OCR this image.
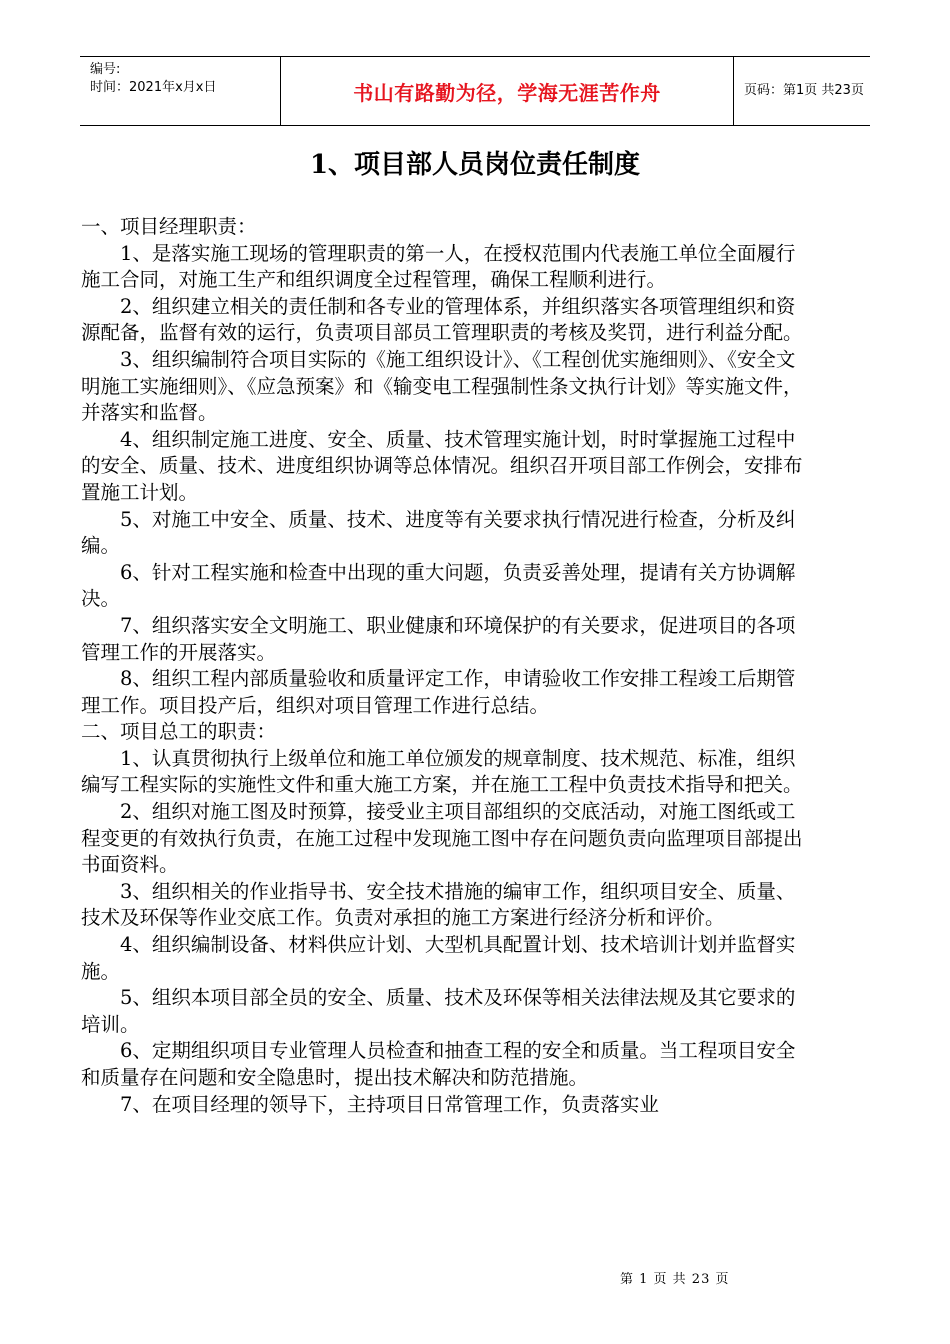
编号:
时间：2021年x月x日	书山有路勤为径，学海无涯苦作舟	页码：第1页 共23页
1、项目部人员岗位责任制度

一、项目经理职责：

1、是落实施工现场的管理职责的第一人，在授权范围内代表施工单位全面履行施工合同，对施工生产和组织调度全过程管理，确保工程顺利进行。

2、组织建立相关的责任制和各专业的管理体系，并组织落实各项管理组织和资源配备，监督有效的运行，负责项目部员工管理职责的考核及奖罚，进行利益分配。

3、组织编制符合项目实际的《施工组织设计》、《工程创优实施细则》、《安全文明施工实施细则》、《应急预案》和《输变电工程强制性条文执行计划》等实施文件，并落实和监督。

4、组织制定施工进度、安全、质量、技术管理实施计划，时时掌握施工过程中的安全、质量、技术、进度组织协调等总体情况。组织召开项目部工作例会，安排布置施工计划。

5、对施工中安全、质量、技术、进度等有关要求执行情况进行检查，分析及纠编。

6、针对工程实施和检查中出现的重大问题，负责妥善处理，提请有关方协调解决。

7、组织落实安全文明施工、职业健康和环境保护的有关要求，促进项目的各项管理工作的开展落实。

8、组织工程内部质量验收和质量评定工作，申请验收工作安排工程竣工后期管理工作。项目投产后，组织对项目管理工作进行总结。

二、项目总工的职责：

1、认真贯彻执行上级单位和施工单位颁发的规章制度、技术规范、标准，组织编写工程实际的实施性文件和重大施工方案，并在施工工程中负责技术指导和把关。

2、组织对施工图及时预算，接受业主项目部组织的交底活动，对施工图纸或工程变更的有效执行负责，在施工过程中发现施工图中存在问题负责向监理项目部提出书面资料。

3、组织相关的作业指导书、安全技术措施的编审工作，组织项目安全、质量、技术及环保等作业交底工作。负责对承担的施工方案进行经济分析和评价。

4、组织编制设备、材料供应计划、大型机具配置计划、技术培训计划并监督实施。

5、组织本项目部全员的安全、质量、技术及环保等相关法律法规及其它要求的培训。

6、定期组织项目专业管理人员检查和抽查工程的安全和质量。当工程项目安全和质量存在问题和安全隐患时，提出技术解决和防范措施。

7、在项目经理的领导下，主持项目日常管理工作，负责落实业

第 1 页 共 23 页
